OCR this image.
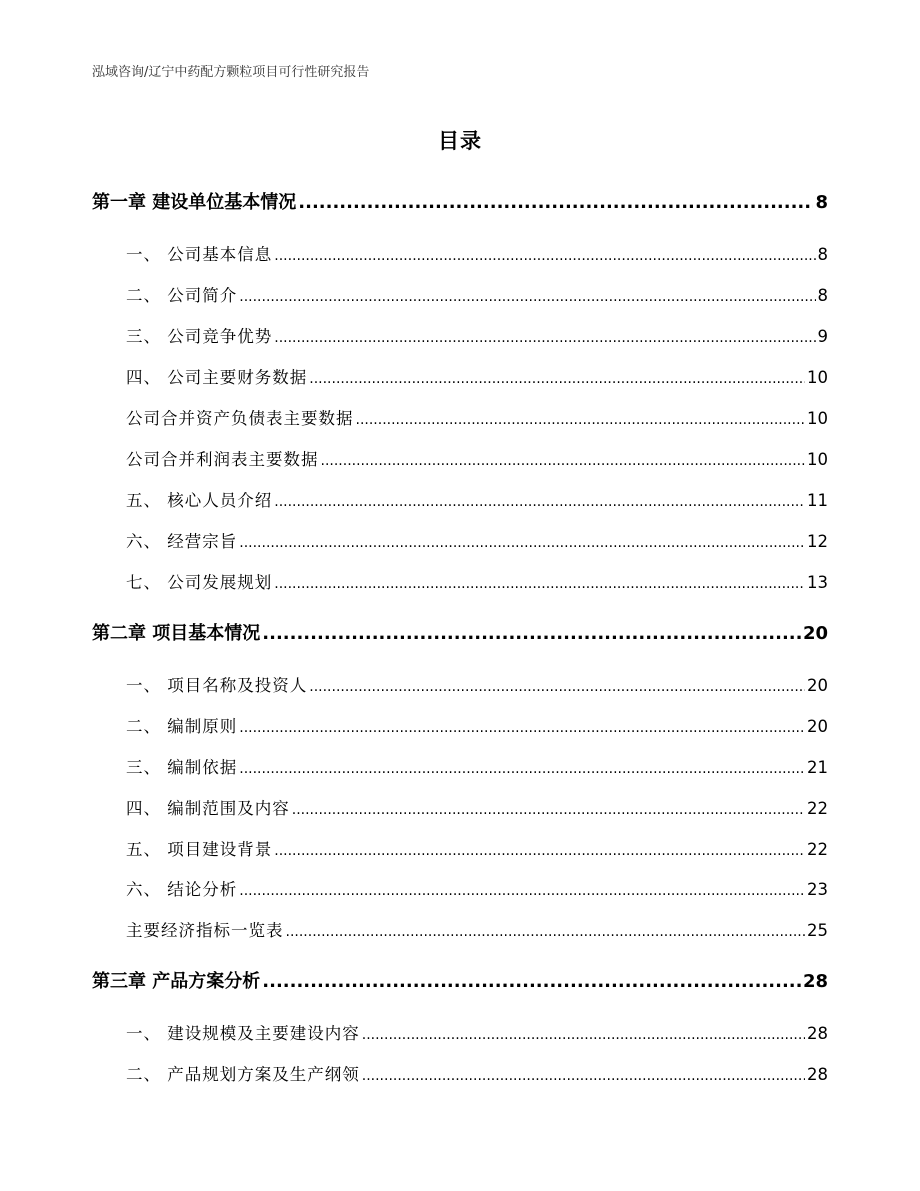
泓域咨询/辽宁中药配方颗粒项目可行性研究报告
目录
第一章 建设单位基本情况 .....	8
一、 公司基本信息 .....	8
二、 公司简介 .....	8
三、 公司竞争优势 .....	9
四、 公司主要财务数据 .....	10
公司合并资产负债表主要数据 .....	10
公司合并利润表主要数据 .....	10
五、 核心人员介绍 .....	11
六、 经营宗旨 .....	12
七、 公司发展规划 .....	13
第二章 项目基本情况 .....	20
一、 项目名称及投资人 .....	20
二、 编制原则 .....	20
三、 编制依据 .....	21
四、 编制范围及内容 .....	22
五、 项目建设背景 .....	22
六、 结论分析 .....	23
主要经济指标一览表 .....	25
第三章 产品方案分析 .....	28
一、 建设规模及主要建设内容 .....	28
二、 产品规划方案及生产纲领 .....	28
